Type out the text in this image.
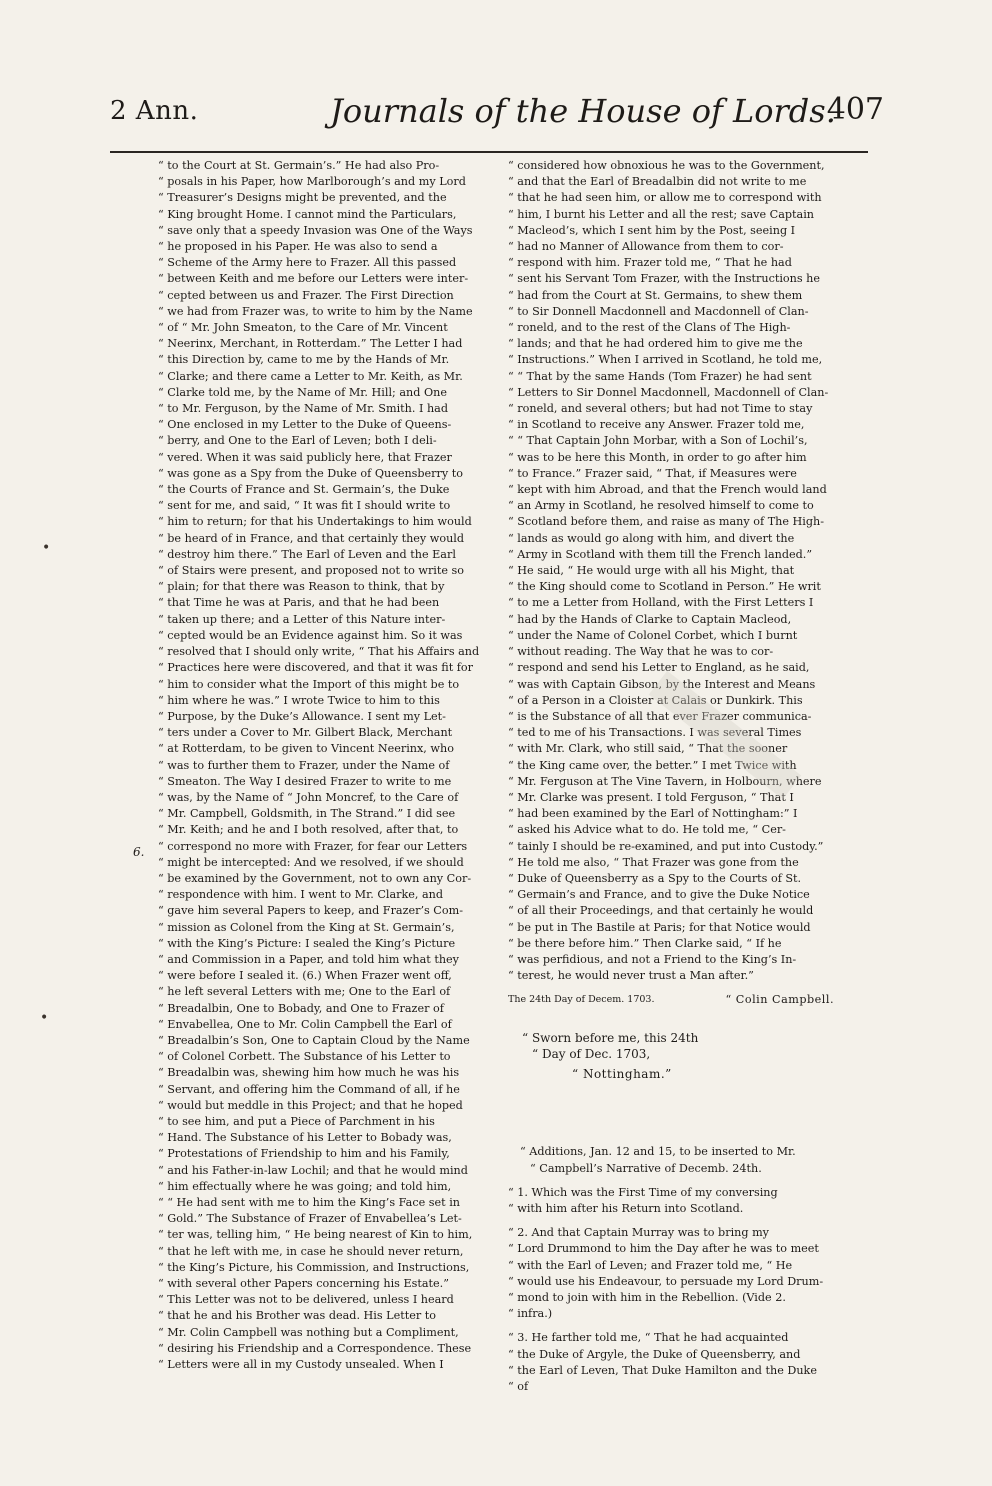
2 Ann.	Journals of the House of Lords.
407
•
•
6.
“ to the Court at St. Germain’s.” He had also Pro-
“ posals in his Paper, how Marlborough’s and my Lord
“ Treasurer’s Designs might be prevented, and the
“ King brought Home. I cannot mind the Particulars,
“ save only that a speedy Invasion was One of the Ways
“ he proposed in his Paper. He was also to send a
“ Scheme of the Army here to Frazer. All this passed
“ between Keith and me before our Letters were inter-
“ cepted between us and Frazer. The First Direction
“ we had from Frazer was, to write to him by the Name
“ of “ Mr. John Smeaton, to the Care of Mr. Vincent
“ Neerinx, Merchant, in Rotterdam.” The Letter I had
“ this Direction by, came to me by the Hands of Mr.
“ Clarke; and there came a Letter to Mr. Keith, as Mr.
“ Clarke told me, by the Name of Mr. Hill; and One
“ to Mr. Ferguson, by the Name of Mr. Smith. I had
“ One enclosed in my Letter to the Duke of Queens-
“ berry, and One to the Earl of Leven; both I deli-
“ vered. When it was said publicly here, that Frazer
“ was gone as a Spy from the Duke of Queensberry to
“ the Courts of France and St. Germain’s, the Duke
“ sent for me, and said, “ It was fit I should write to
“ him to return; for that his Undertakings to him would
“ be heard of in France, and that certainly they would
“ destroy him there.” The Earl of Leven and the Earl
“ of Stairs were present, and proposed not to write so
“ plain; for that there was Reason to think, that by
“ that Time he was at Paris, and that he had been
“ taken up there; and a Letter of this Nature inter-
“ cepted would be an Evidence against him. So it was
“ resolved that I should only write, “ That his Affairs and
“ Practices here were discovered, and that it was fit for
“ him to consider what the Import of this might be to
“ him where he was.” I wrote Twice to him to this
“ Purpose, by the Duke’s Allowance. I sent my Let-
“ ters under a Cover to Mr. Gilbert Black, Merchant
“ at Rotterdam, to be given to Vincent Neerinx, who
“ was to further them to Frazer, under the Name of
“ Smeaton. The Way I desired Frazer to write to me
“ was, by the Name of “ John Moncref, to the Care of
“ Mr. Campbell, Goldsmith, in The Strand.” I did see
“ Mr. Keith; and he and I both resolved, after that, to
“ correspond no more with Frazer, for fear our Letters
“ might be intercepted: And we resolved, if we should
“ be examined by the Government, not to own any Cor-
“ respondence with him. I went to Mr. Clarke, and
“ gave him several Papers to keep, and Frazer’s Com-
“ mission as Colonel from the King at St. Germain’s,
“ with the King’s Picture: I sealed the King’s Picture
“ and Commission in a Paper, and told him what they
“ were before I sealed it. (6.) When Frazer went off,
“ he left several Letters with me; One to the Earl of
“ Breadalbin, One to Bobady, and One to Frazer of
“ Envabellea, One to Mr. Colin Campbell the Earl of
“ Breadalbin’s Son, One to Captain Cloud by the Name
“ of Colonel Corbett. The Substance of his Letter to
“ Breadalbin was, shewing him how much he was his
“ Servant, and offering him the Command of all, if he
“ would but meddle in this Project; and that he hoped
“ to see him, and put a Piece of Parchment in his
“ Hand. The Substance of his Letter to Bobady was,
“ Protestations of Friendship to him and his Family,
“ and his Father-in-law Lochil; and that he would mind
“ him effectually where he was going; and told him,
“ “ He had sent with me to him the King’s Face set in
“ Gold.” The Substance of Frazer of Envabellea’s Let-
“ ter was, telling him, “ He being nearest of Kin to him,
“ that he left with me, in case he should never return,
“ the King’s Picture, his Commission, and Instructions,
“ with several other Papers concerning his Estate.”
“ This Letter was not to be delivered, unless I heard
“ that he and his Brother was dead. His Letter to
“ Mr. Colin Campbell was nothing but a Compliment,
“ desiring his Friendship and a Correspondence. These
“ Letters were all in my Custody unsealed. When I
“ considered how obnoxious he was to the Government,
“ and that the Earl of Breadalbin did not write to me
“ that he had seen him, or allow me to correspond with
“ him, I burnt his Letter and all the rest; save Captain
“ Macleod’s, which I sent him by the Post, seeing I
“ had no Manner of Allowance from them to cor-
“ respond with him. Frazer told me, “ That he had
“ sent his Servant Tom Frazer, with the Instructions he
“ had from the Court at St. Germains, to shew them
“ to Sir Donnell Macdonnell and Macdonnell of Clan-
“ roneld, and to the rest of the Clans of The High-
“ lands; and that he had ordered him to give me the
“ Instructions.” When I arrived in Scotland, he told me,
“ “ That by the same Hands (Tom Frazer) he had sent
“ Letters to Sir Donnel Macdonnell, Macdonnell of Clan-
“ roneld, and several others; but had not Time to stay
“ in Scotland to receive any Answer. Frazer told me,
“ “ That Captain John Morbar, with a Son of Lochil’s,
“ was to be here this Month, in order to go after him
“ to France.” Frazer said, “ That, if Measures were
“ kept with him Abroad, and that the French would land
“ an Army in Scotland, he resolved himself to come to
“ Scotland before them, and raise as many of The High-
“ lands as would go along with him, and divert the
“ Army in Scotland with them till the French landed.”
“ He said, “ He would urge with all his Might, that
“ the King should come to Scotland in Person.” He writ
“ to me a Letter from Holland, with the First Letters I
“ had by the Hands of Clarke to Captain Macleod,
“ under the Name of Colonel Corbet, which I burnt
“ without reading. The Way that he was to cor-
“ respond and send his Letter to England, as he said,
“ was with Captain Gibson, by the Interest and Means
“ of a Person in a Cloister at Calais or Dunkirk. This
“ is the Substance of all that ever Frazer communica-
“ ted to me of his Transactions. I was several Times
“ with Mr. Clark, who still said, “ That the sooner
“ the King came over, the better.” I met Twice with
“ Mr. Ferguson at The Vine Tavern, in Holbourn, where
“ Mr. Clarke was present. I told Ferguson, “ That I
“ had been examined by the Earl of Nottingham:” I
“ asked his Advice what to do. He told me, “ Cer-
“ tainly I should be re-examined, and put into Custody.”
“ He told me also, “ That Frazer was gone from the
“ Duke of Queensberry as a Spy to the Courts of St.
“ Germain’s and France, and to give the Duke Notice
“ of all their Proceedings, and that certainly he would
“ be put in The Bastile at Paris; for that Notice would
“ be there before him.” Then Clarke said, “ If he
“ was perfidious, and not a Friend to the King’s In-
“ terest, he would never trust a Man after.”
The 24th Day of Decem. 1703.	“ Colin Campbell.
“ Sworn before me, this 24th
“ Day of Dec. 1703,
“ Nottingham.”
“ Additions, Jan. 12 and 15, to be inserted to Mr.
“ Campbell’s Narrative of Decemb. 24th.
“ 1. Which was the First Time of my conversing
“ with him after his Return into Scotland.
“ 2. And that Captain Murray was to bring my
“ Lord Drummond to him the Day after he was to meet
“ with the Earl of Leven; and Frazer told me, “ He
“ would use his Endeavour, to persuade my Lord Drum-
“ mond to join with him in the Rebellion. (Vide 2.
“ infra.)
“ 3. He farther told me, “ That he had acquainted
“ the Duke of Argyle, the Duke of Queensberry, and
“ the Earl of Leven, That Duke Hamilton and the Duke
“ of
